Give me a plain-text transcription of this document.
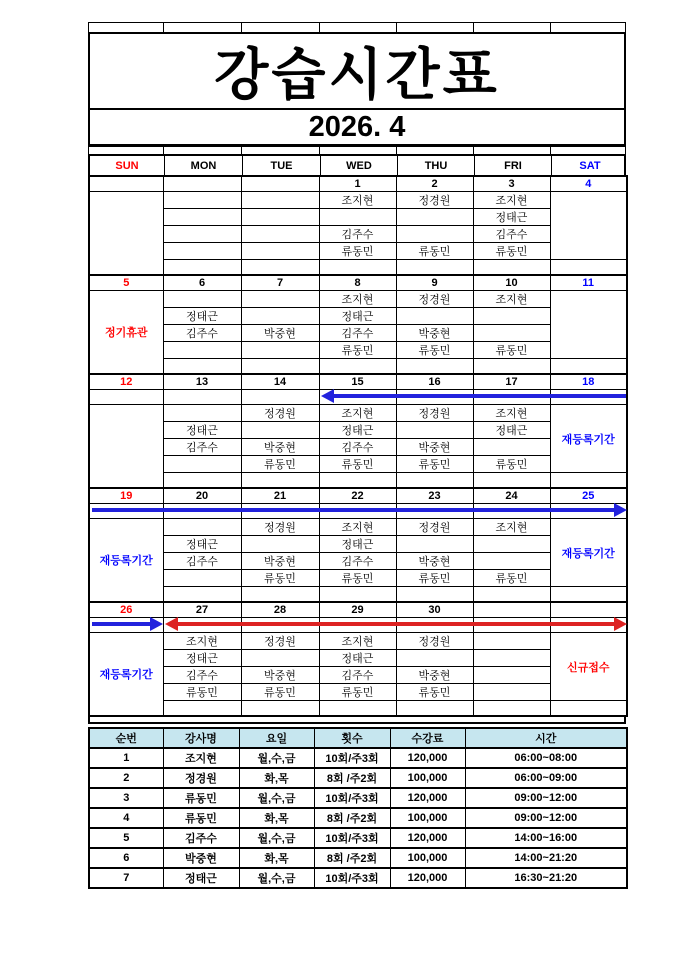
강습시간표
2026. 4
SUN	MON	TUE	WED	THU	FRI	SAT
			1	2	3	4
			조지현	정경원	조지현	
					정태근	
			김주수		김주수	
			류동민	류동민	류동민	

5	6	7	8	9	10	11
정기휴관			조지현	정경원	조지현	
	정태근		정태근			
	김주수	박중현	김주수	박중현		
			류동민	류동민	류동민	

12	13	14	15	16	17	18

		정경원	조지현	정경원	조지현	재등록기간
	정태근		정태근		정태근	
	김주수	박중현	김주수	박중현		
		류동민	류동민	류동민	류동민	

19	20	21	22	23	24	25

재등록기간		정경원	조지현	정경원	조지현	재등록기간
	정태근		정태근			
	김주수	박중현	김주수	박중현		
		류동민	류동민	류동민	류동민	

26	27	28	29	30		

재등록기간	조지현	정경원	조지현	정경원		신규접수
	정태근		정태근			
	김주수	박중현	김주수	박중현		
	류동민	류동민	류동민	류동민		

순번	강사명	요일	횟수	수강료	시간
1	조지현	월,수,금	10회/주3회	120,000	06:00~08:00
2	정경원	화,목	8회 /주2회	100,000	06:00~09:00
3	류동민	월,수,금	10회/주3회	120,000	09:00~12:00
4	류동민	화,목	8회 /주2회	100,000	09:00~12:00
5	김주수	월,수,금	10회/주3회	120,000	14:00~16:00
6	박중현	화,목	8회 /주2회	100,000	14:00~21:20
7	정태근	월,수,금	10회/주3회	120,000	16:30~21:20
